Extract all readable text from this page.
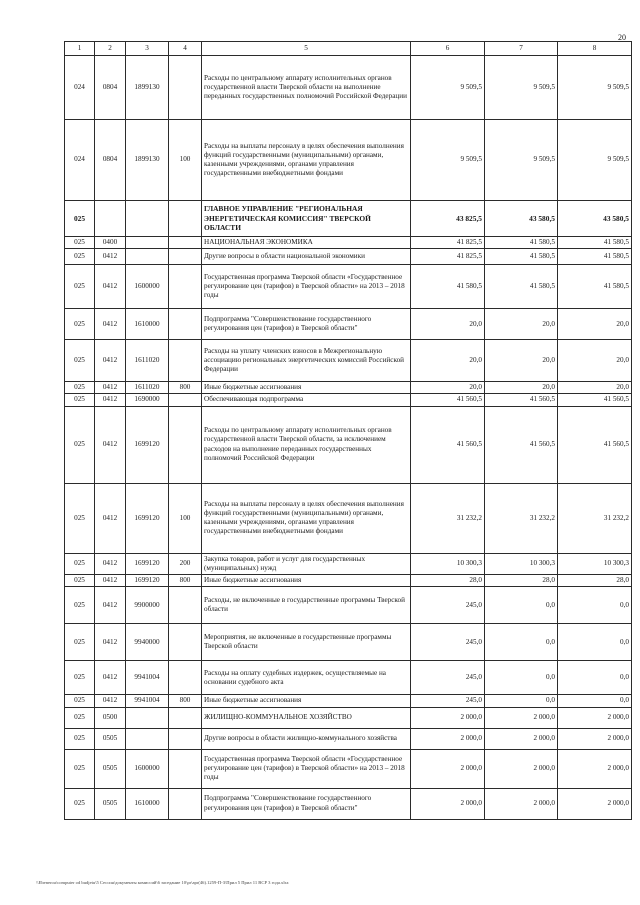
20
1	2	3	4	5	6	7	8
024	0804	1899130		Расходы по центральному аппарату исполнительных органов государственной власти Тверской области на выполнение переданных государственных полномочий Российской Федерации	9 509,5	9 509,5	9 509,5
024	0804	1899130	100	Расходы на выплаты персоналу в целях обеспечения выполнения функций государственными (муниципальными) органами, казенными учреждениями, органами управления государственными внебюджетными фондами	9 509,5	9 509,5	9 509,5
025				ГЛАВНОЕ УПРАВЛЕНИЕ "РЕГИОНАЛЬНАЯ ЭНЕРГЕТИЧЕСКАЯ КОМИССИЯ" ТВЕРСКОЙ ОБЛАСТИ	43 825,5	43 580,5	43 580,5
025	0400			НАЦИОНАЛЬНАЯ ЭКОНОМИКА	41 825,5	41 580,5	41 580,5
025	0412			Другие вопросы в области национальной экономики	41 825,5	41 580,5	41 580,5
025	0412	1600000		Государственная программа Тверской области «Государственное регулирование цен (тарифов) в Тверской области» на 2013 – 2018 годы	41 580,5	41 580,5	41 580,5
025	0412	1610000		Подпрограмма "Совершенствование государственного регулирования цен (тарифов) в Тверской области"	20,0	20,0	20,0
025	0412	1611020		Расходы на уплату членских взносов в Межрегиональную ассоциацию региональных энергетических комиссий Российской Федерации	20,0	20,0	20,0
025	0412	1611020	800	Иные бюджетные ассигнования	20,0	20,0	20,0
025	0412	1690000		Обеспечивающая подпрограмма	41 560,5	41 560,5	41 560,5
025	0412	1699120		Расходы по центральному аппарату исполнительных органов государственной власти Тверской области, за исключением расходов на выполнение переданных государственных полномочий Российской Федерации	41 560,5	41 560,5	41 560,5
025	0412	1699120	100	Расходы на выплаты персоналу в целях обеспечения выполнения функций государственными (муниципальными) органами, казенными учреждениями, органами управления государственными внебюджетными фондами	31 232,2	31 232,2	31 232,2
025	0412	1699120	200	Закупка товаров, работ и услуг для государственных (муниципальных) нужд	10 300,3	10 300,3	10 300,3
025	0412	1699120	800	Иные бюджетные ассигнования	28,0	28,0	28,0
025	0412	9900000		Расходы, не включенные в государственные программы Тверской области	245,0	0,0	0,0
025	0412	9940000		Мероприятия, не включенные в государственные программы Тверской области	245,0	0,0	0,0
025	0412	9941004		Расходы на оплату судебных издержек, осуществляемые на основании судебного акта	245,0	0,0	0,0
025	0412	9941004	800	Иные бюджетные ассигнования	245,0	0,0	0,0
025	0500			ЖИЛИЩНО-КОММУНАЛЬНОЕ ХОЗЯЙСТВО	2 000,0	2 000,0	2 000,0
025	0505			Другие вопросы в области жилищно-коммунального хозяйства	2 000,0	2 000,0	2 000,0
025	0505	1600000		Государственная программа Тверской области «Государственное регулирование цен (тарифов) в Тверской области» на 2013 – 2018 годы	2 000,0	2 000,0	2 000,0
025	0505	1610000		Подпрограмма "Совершенствование государственного регулирования цен (тарифов) в Тверской области"	2 000,0	2 000,0	2 000,0
\\Ebeneroa\computer od budjetu\5 Сессия\документы комиссий\6 заседание 10\pr\apr(46).1259-П-3\Прил 5 Прил 11 ВСР 3 года.xlsx
